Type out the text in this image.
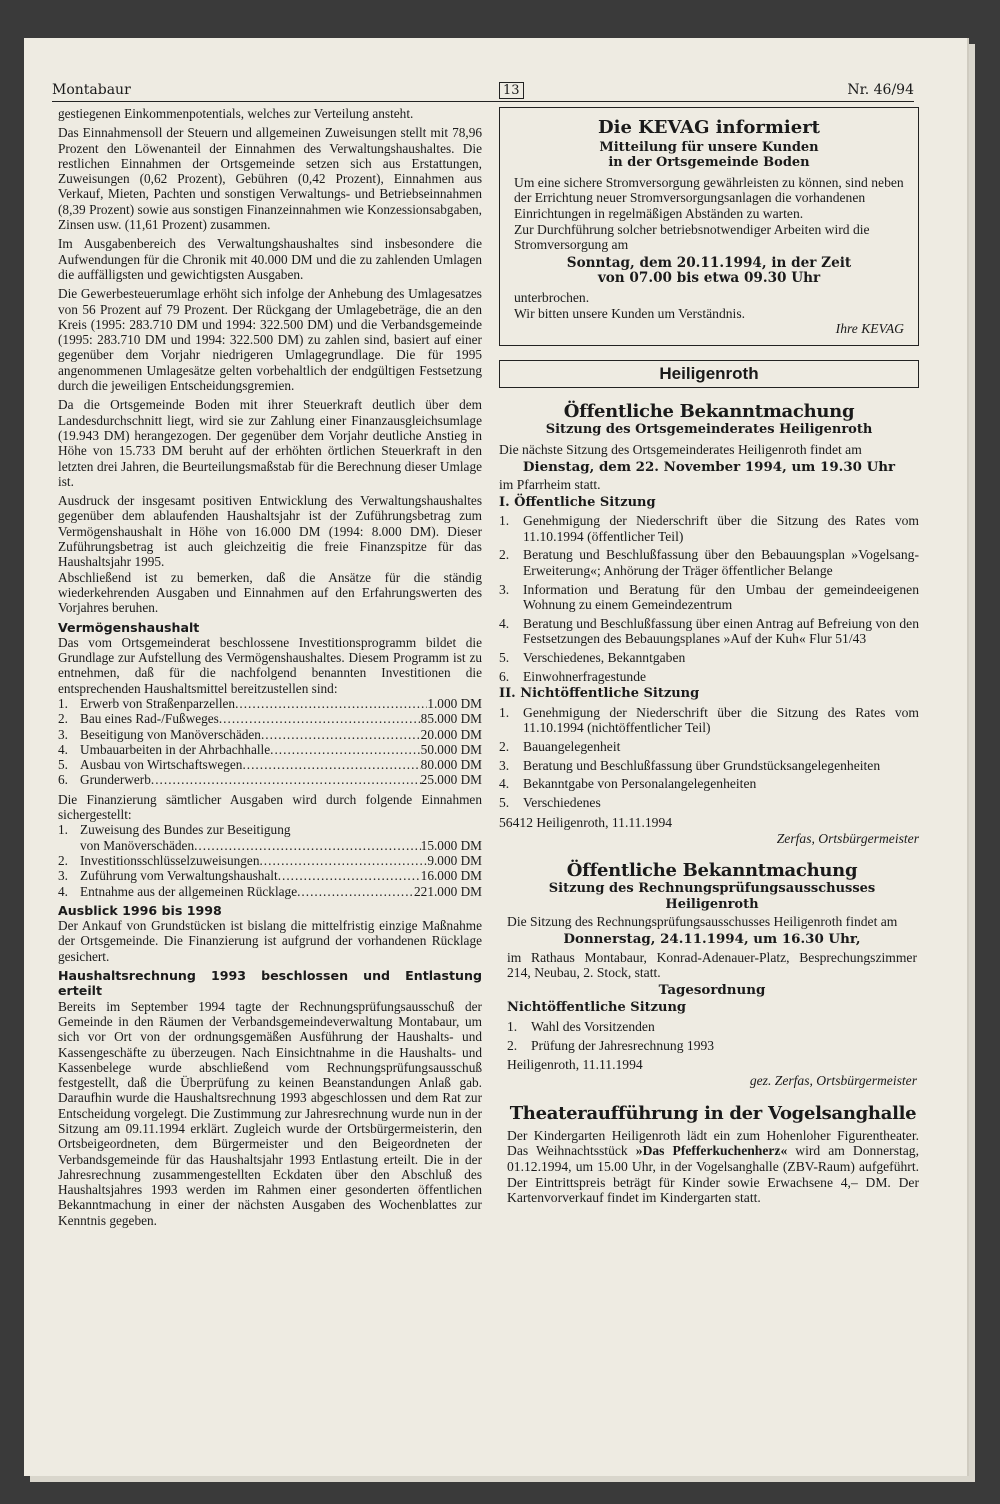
Montabaur	13	Nr. 46/94

gestiegenen Einkommenpotentials, welches zur Verteilung ansteht.

Das Einnahmensoll der Steuern und allgemeinen Zuweisungen stellt mit 78,96 Prozent den Löwenanteil der Einnahmen des Verwaltungshaushaltes. Die restlichen Einnahmen der Ortsgemeinde setzen sich aus Erstattungen, Zuweisungen (0,62 Prozent), Gebühren (0,42 Prozent), Einnahmen aus Verkauf, Mieten, Pachten und sonstigen Verwaltungs- und Betriebseinnahmen (8,39 Prozent) sowie aus sonstigen Finanzeinnahmen wie Konzessionsabgaben, Zinsen usw. (11,61 Prozent) zusammen.

Im Ausgabenbereich des Verwaltungshaushaltes sind insbesondere die Aufwendungen für die Chronik mit 40.000 DM und die zu zahlenden Umlagen die auffälligsten und gewichtigsten Ausgaben.

Die Gewerbesteuerumlage erhöht sich infolge der Anhebung des Umlagesatzes von 56 Prozent auf 79 Prozent. Der Rückgang der Umlagebeträge, die an den Kreis (1995: 283.710 DM und 1994: 322.500 DM) und die Verbandsgemeinde (1995: 283.710 DM und 1994: 322.500 DM) zu zahlen sind, basiert auf einer gegenüber dem Vorjahr niedrigeren Umlagegrundlage. Die für 1995 angenommenen Umlagesätze gelten vorbehaltlich der endgültigen Festsetzung durch die jeweiligen Entscheidungsgremien.

Da die Ortsgemeinde Boden mit ihrer Steuerkraft deutlich über dem Landesdurchschnitt liegt, wird sie zur Zahlung einer Finanzausgleichsumlage (19.943 DM) herangezogen. Der gegenüber dem Vorjahr deutliche Anstieg in Höhe von 15.733 DM beruht auf der erhöhten örtlichen Steuerkraft in den letzten drei Jahren, die Beurteilungsmaßstab für die Berechnung dieser Umlage ist.

Ausdruck der insgesamt positiven Entwicklung des Verwaltungshaushaltes gegenüber dem ablaufenden Haushaltsjahr ist der Zuführungsbetrag zum Vermögenshaushalt in Höhe von 16.000 DM (1994: 8.000 DM). Dieser Zuführungsbetrag ist auch gleichzeitig die freie Finanzspitze für das Haushaltsjahr 1995.

Abschließend ist zu bemerken, daß die Ansätze für die ständig wiederkehrenden Ausgaben und Einnahmen auf den Erfahrungswerten des Vorjahres beruhen.

Vermögenshaushalt

Das vom Ortsgemeinderat beschlossene Investitionsprogramm bildet die Grundlage zur Aufstellung des Vermögenshaushaltes. Diesem Programm ist zu entnehmen, daß für die nachfolgend benannten Investitionen die entsprechenden Haushaltsmittel bereitzustellen sind:

1. Erwerb von Straßenparzellen .....	1.000 DM
2. Bau eines Rad-/Fußweges .....	85.000 DM
3. Beseitigung von Manöverschäden .....	20.000 DM
4. Umbauarbeiten in der Ahrbachhalle .....	50.000 DM
5. Ausbau von Wirtschaftswegen .....	80.000 DM
6. Grunderwerb .....	25.000 DM

Die Finanzierung sämtlicher Ausgaben wird durch folgende Einnahmen sichergestellt:

1. Zuweisung des Bundes zur Beseitigung
von Manöverschäden .....	15.000 DM
2. Investitionsschlüsselzuweisungen .....	9.000 DM
3. Zuführung vom Verwaltungshaushalt .....	16.000 DM
4. Entnahme aus der allgemeinen Rücklage .....	221.000 DM
Ausblick 1996 bis 1998

Der Ankauf von Grundstücken ist bislang die mittelfristig einzige Maßnahme der Ortsgemeinde. Die Finanzierung ist aufgrund der vorhandenen Rücklage gesichert.

Haushaltsrechnung 1993 beschlossen und Entlastung erteilt

Bereits im September 1994 tagte der Rechnungsprüfungsausschuß der Gemeinde in den Räumen der Verbandsgemeindeverwaltung Montabaur, um sich vor Ort von der ordnungsgemäßen Ausführung der Haushalts- und Kassengeschäfte zu überzeugen. Nach Einsichtnahme in die Haushalts- und Kassenbelege wurde abschließend vom Rechnungsprüfungsausschuß festgestellt, daß die Überprüfung zu keinen Beanstandungen Anlaß gab. Daraufhin wurde die Haushaltsrechnung 1993 abgeschlossen und dem Rat zur Entscheidung vorgelegt. Die Zustimmung zur Jahresrechnung wurde nun in der Sitzung am 09.11.1994 erklärt. Zugleich wurde der Ortsbürgermeisterin, den Ortsbeigeordneten, dem Bürgermeister und den Beigeordneten der Verbandsgemeinde für das Haushaltsjahr 1993 Entlastung erteilt. Die in der Jahresrechnung zusammengestellten Eckdaten über den Abschluß des Haushaltsjahres 1993 werden im Rahmen einer gesonderten öffentlichen Bekanntmachung in einer der nächsten Ausgaben des Wochenblattes zur Kenntnis gegeben.

Die KEVAG informiert
Mitteilung für unsere Kunden
in der Ortsgemeinde Boden

Um eine sichere Stromversorgung gewährleisten zu können, sind neben der Errichtung neuer Stromversorgungsanlagen die vorhandenen Einrichtungen in regelmäßigen Abständen zu warten.

Zur Durchführung solcher betriebsnotwendiger Arbeiten wird die Stromversorgung am

Sonntag, dem 20.11.1994, in der Zeit
von 07.00 bis etwa 09.30 Uhr

unterbrochen.

Wir bitten unsere Kunden um Verständnis.

Ihre KEVAG
Heiligenroth
Öffentliche Bekanntmachung
Sitzung des Ortsgemeinderates Heiligenroth

Die nächste Sitzung des Ortsgemeinderates Heiligenroth findet am

Dienstag, dem 22. November 1994, um 19.30 Uhr

im Pfarrheim statt.

I. Öffentliche Sitzung
1.	Genehmigung der Niederschrift über die Sitzung des Rates vom 11.10.1994 (öffentlicher Teil)
2.	Beratung und Beschlußfassung über den Bebauungsplan »Vogelsang-Erweiterung«; Anhörung der Träger öffentlicher Belange
3.	Information und Beratung für den Umbau der gemeindeeigenen Wohnung zu einem Gemeindezentrum
4.	Beratung und Beschlußfassung über einen Antrag auf Befreiung von den Festsetzungen des Bebauungsplanes »Auf der Kuh« Flur 51/43
5.	Verschiedenes, Bekanntgaben
6.	Einwohnerfragestunde
II. Nichtöffentliche Sitzung
1.	Genehmigung der Niederschrift über die Sitzung des Rates vom 11.10.1994 (nichtöffentlicher Teil)
2.	Bauangelegenheit
3.	Beratung und Beschlußfassung über Grundstücksangelegenheiten
4.	Bekanntgabe von Personalangelegenheiten
5.	Verschiedenes

56412 Heiligenroth, 11.11.1994

Zerfas, Ortsbürgermeister
Öffentliche Bekanntmachung
Sitzung des Rechnungsprüfungsausschusses Heiligenroth

Die Sitzung des Rechnungsprüfungsausschusses Heiligenroth findet am

Donnerstag, 24.11.1994, um 16.30 Uhr,

im Rathaus Montabaur, Konrad-Adenauer-Platz, Besprechungszimmer 214, Neubau, 2. Stock, statt.

Tagesordnung
Nichtöffentliche Sitzung
1.	Wahl des Vorsitzenden
2.	Prüfung der Jahresrechnung 1993

Heiligenroth, 11.11.1994

gez. Zerfas, Ortsbürgermeister
Theateraufführung in der Vogelsanghalle

Der Kindergarten Heiligenroth lädt ein zum Hohenloher Figurentheater. Das Weihnachtsstück »Das Pfefferkuchenherz« wird am Donnerstag, 01.12.1994, um 15.00 Uhr, in der Vogelsanghalle (ZBV-Raum) aufgeführt. Der Eintrittspreis beträgt für Kinder sowie Erwachsene 4,– DM. Der Kartenvorverkauf findet im Kindergarten statt.
